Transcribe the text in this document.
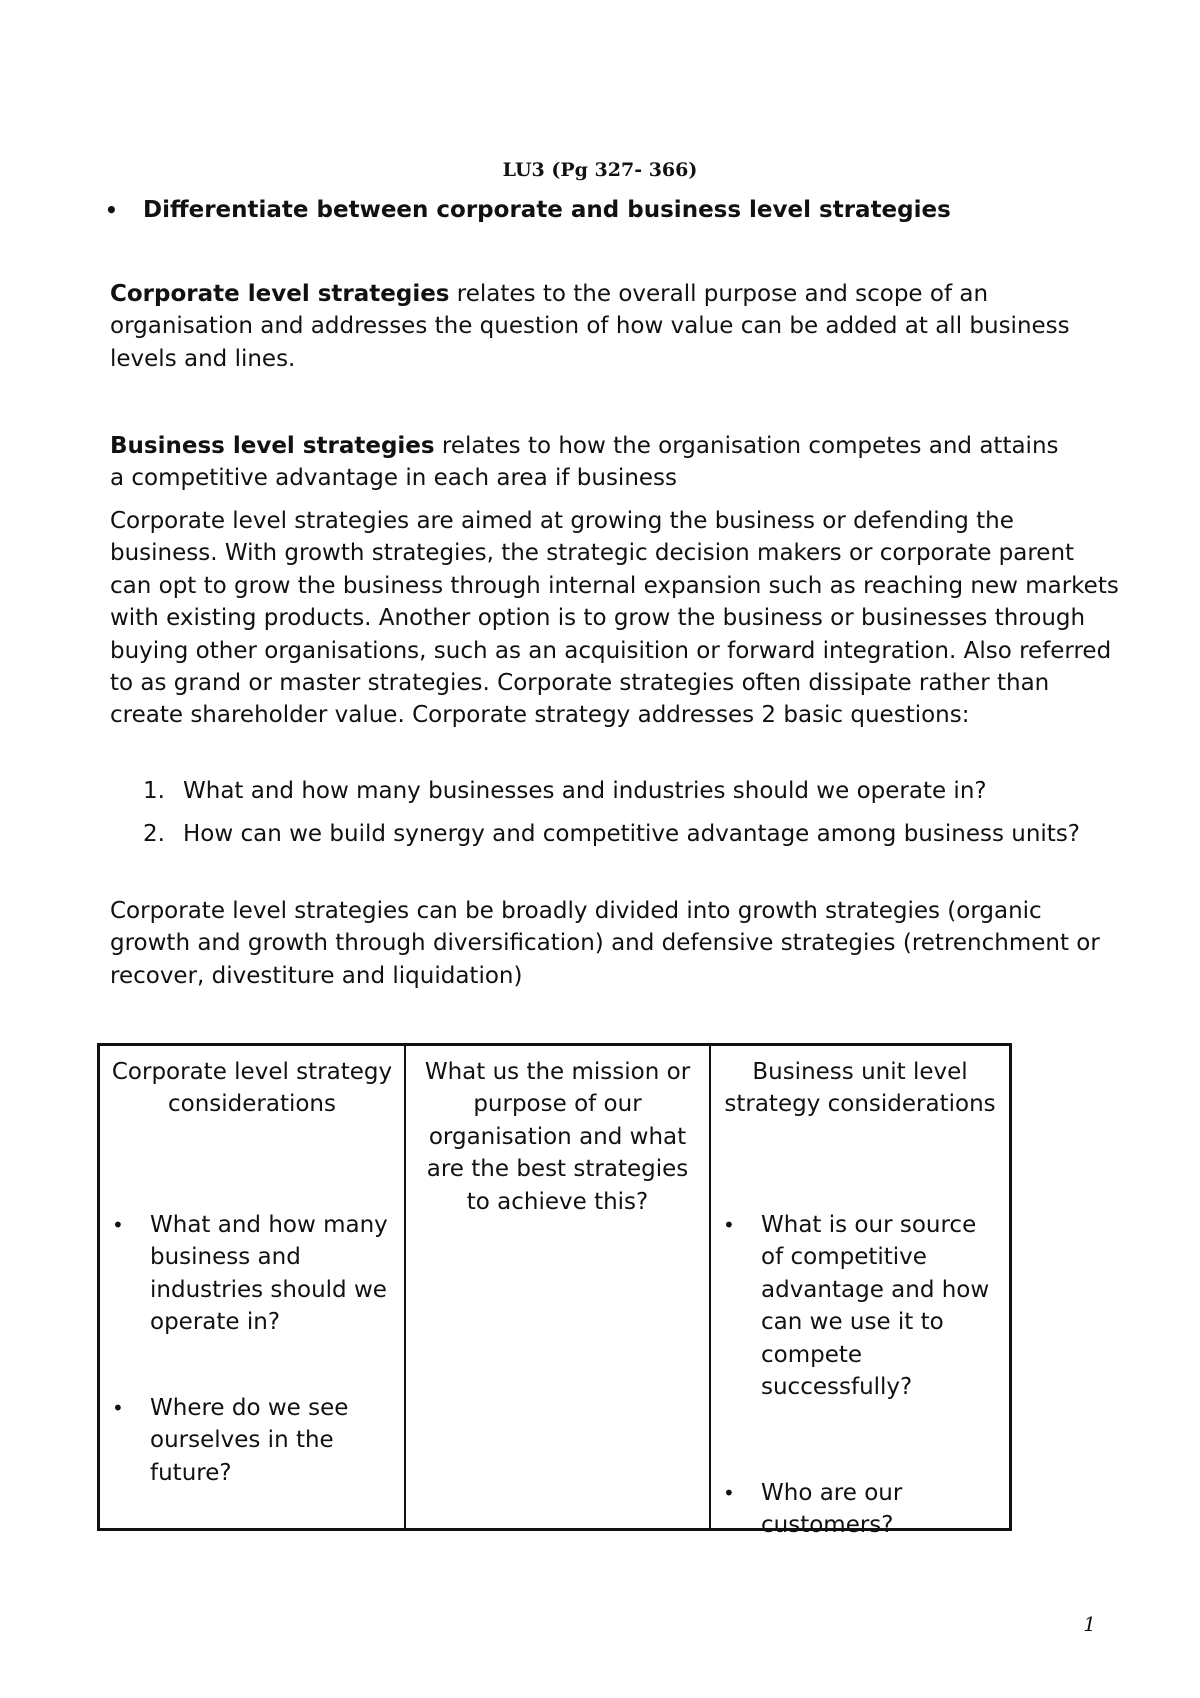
LU3 (Pg 327- 366)
• Differentiate between corporate and business level strategies

Corporate level strategies relates to the overall purpose and scope of an organisation and addresses the question of how value can be added at all business levels and lines.

Business level strategies relates to how the organisation competes and attains a competitive advantage in each area if business

Corporate level strategies are aimed at growing the business or defending the business. With growth strategies, the strategic decision makers or corporate parent can opt to grow the business through internal expansion such as reaching new markets with existing products. Another option is to grow the business or businesses through buying other organisations, such as an acquisition or forward integration. Also referred to as grand or master strategies. Corporate strategies often dissipate rather than create shareholder value. Corporate strategy addresses 2 basic questions:

1. What and how many businesses and industries should we operate in?
2. How can we build synergy and competitive advantage among business units?

Corporate level strategies can be broadly divided into growth strategies (organic growth and growth through diversification) and defensive strategies (retrenchment or recover, divestiture and liquidation)

Corporate level strategy considerations
• What and how many business and industries should we operate in?
• Where do we see ourselves in the future?
What us the mission or purpose of our organisation and what are the best strategies to achieve this?
Business unit level strategy considerations
• What is our source of competitive advantage and how can we use it to compete successfully?
• Who are our customers?
1
